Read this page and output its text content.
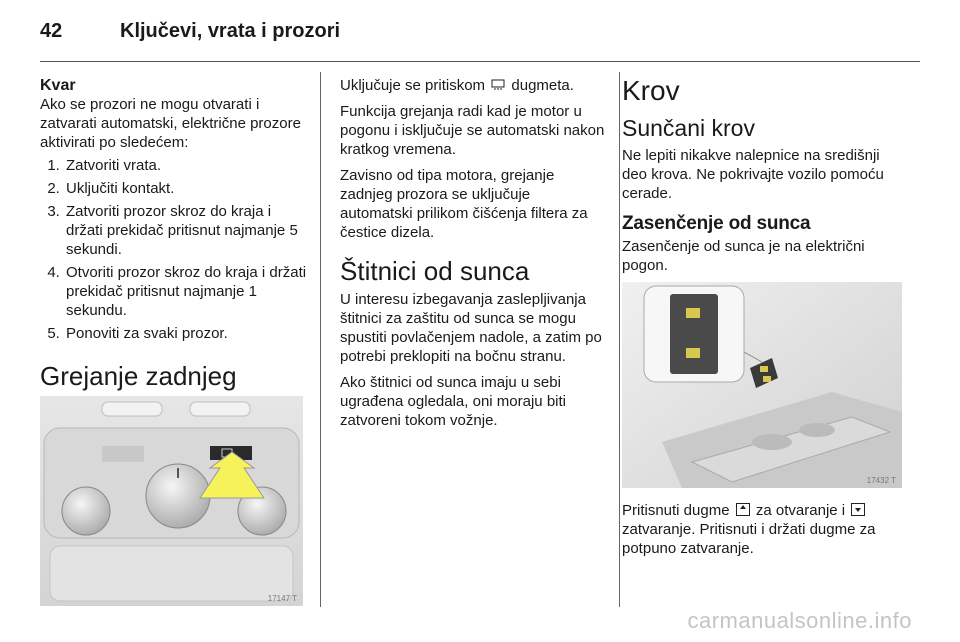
42	Ključevi, vrata i prozori

Kvar

Ako se prozori ne mogu otvarati i zatvarati automatski, električne prozore aktivirati po sledećem:

1. Zatvoriti vrata.
2. Uključiti kontakt.
3. Zatvoriti prozor skroz do kraja i držati prekidač pritisnut najmanje 5 sekundi.
4. Otvoriti prozor skroz do kraja i držati prekidač pritisnut najmanje 1 sekundu.
5. Ponoviti za svaki prozor.

Grejanje zadnjeg

17147 T

Uključuje se pritiskom dugmeta.

Funkcija grejanja radi kad je motor u pogonu i isključuje se automatski nakon kratkog vremena.

Zavisno od tipa motora, grejanje zadnjeg prozora se uključuje automatski prilikom čišćenja filtera za čestice dizela.

Štitnici od sunca

U interesu izbegavanja zaslepljivanja štitnici za zaštitu od sunca se mogu spustiti povlačenjem nadole, a zatim po potrebi preklopiti na bočnu stranu.

Ako štitnici od sunca imaju u sebi ugrađena ogledala, oni moraju biti zatvoreni tokom vožnje.

Krov

Sunčani krov

Ne lepiti nikakve nalepnice na središnji deo krova. Ne pokrivajte vozilo pomoću cerade.

Zasenčenje od sunca

Zasenčenje od sunca je na električni pogon.

17432 T

Pritisnuti dugme za otvaranje i  zatvaranje. Pritisnuti i držati dugme za potpuno zatvaranje.

carmanualsonline.info
